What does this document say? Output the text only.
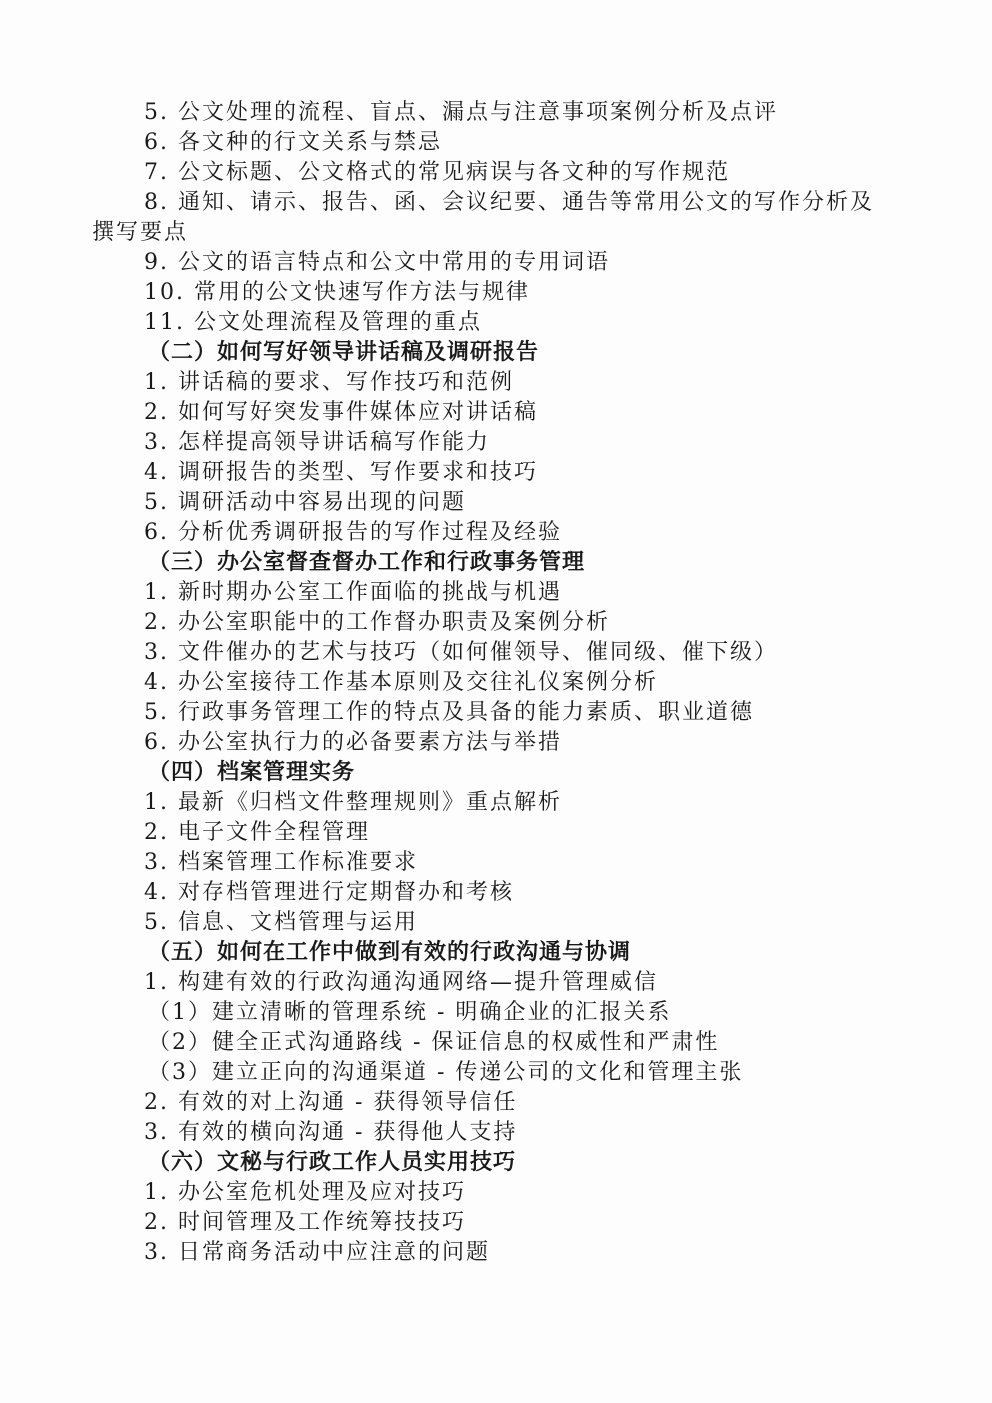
5. 公文处理的流程、盲点、漏点与注意事项案例分析及点评
6. 各文种的行文关系与禁忌
7. 公文标题、公文格式的常见病误与各文种的写作规范
8. 通知、请示、报告、函、会议纪要、通告等常用公文的写作分析及
撰写要点
9. 公文的语言特点和公文中常用的专用词语
10. 常用的公文快速写作方法与规律
11. 公文处理流程及管理的重点
（二）如何写好领导讲话稿及调研报告
1. 讲话稿的要求、写作技巧和范例
2. 如何写好突发事件媒体应对讲话稿
3. 怎样提高领导讲话稿写作能力
4. 调研报告的类型、写作要求和技巧
5. 调研活动中容易出现的问题
6. 分析优秀调研报告的写作过程及经验
（三）办公室督查督办工作和行政事务管理
1. 新时期办公室工作面临的挑战与机遇
2. 办公室职能中的工作督办职责及案例分析
3. 文件催办的艺术与技巧（如何催领导、催同级、催下级）
4. 办公室接待工作基本原则及交往礼仪案例分析
5. 行政事务管理工作的特点及具备的能力素质、职业道德
6. 办公室执行力的必备要素方法与举措
（四）档案管理实务
1. 最新《归档文件整理规则》重点解析
2. 电子文件全程管理
3. 档案管理工作标准要求
4. 对存档管理进行定期督办和考核
5. 信息、文档管理与运用
（五）如何在工作中做到有效的行政沟通与协调
1. 构建有效的行政沟通沟通网络—提升管理威信
（1）建立清晰的管理系统 - 明确企业的汇报关系
（2）健全正式沟通路线 - 保证信息的权威性和严肃性
（3）建立正向的沟通渠道 - 传递公司的文化和管理主张
2. 有效的对上沟通 - 获得领导信任
3. 有效的横向沟通 - 获得他人支持
（六）文秘与行政工作人员实用技巧
1. 办公室危机处理及应对技巧
2. 时间管理及工作统筹技技巧
3. 日常商务活动中应注意的问题
